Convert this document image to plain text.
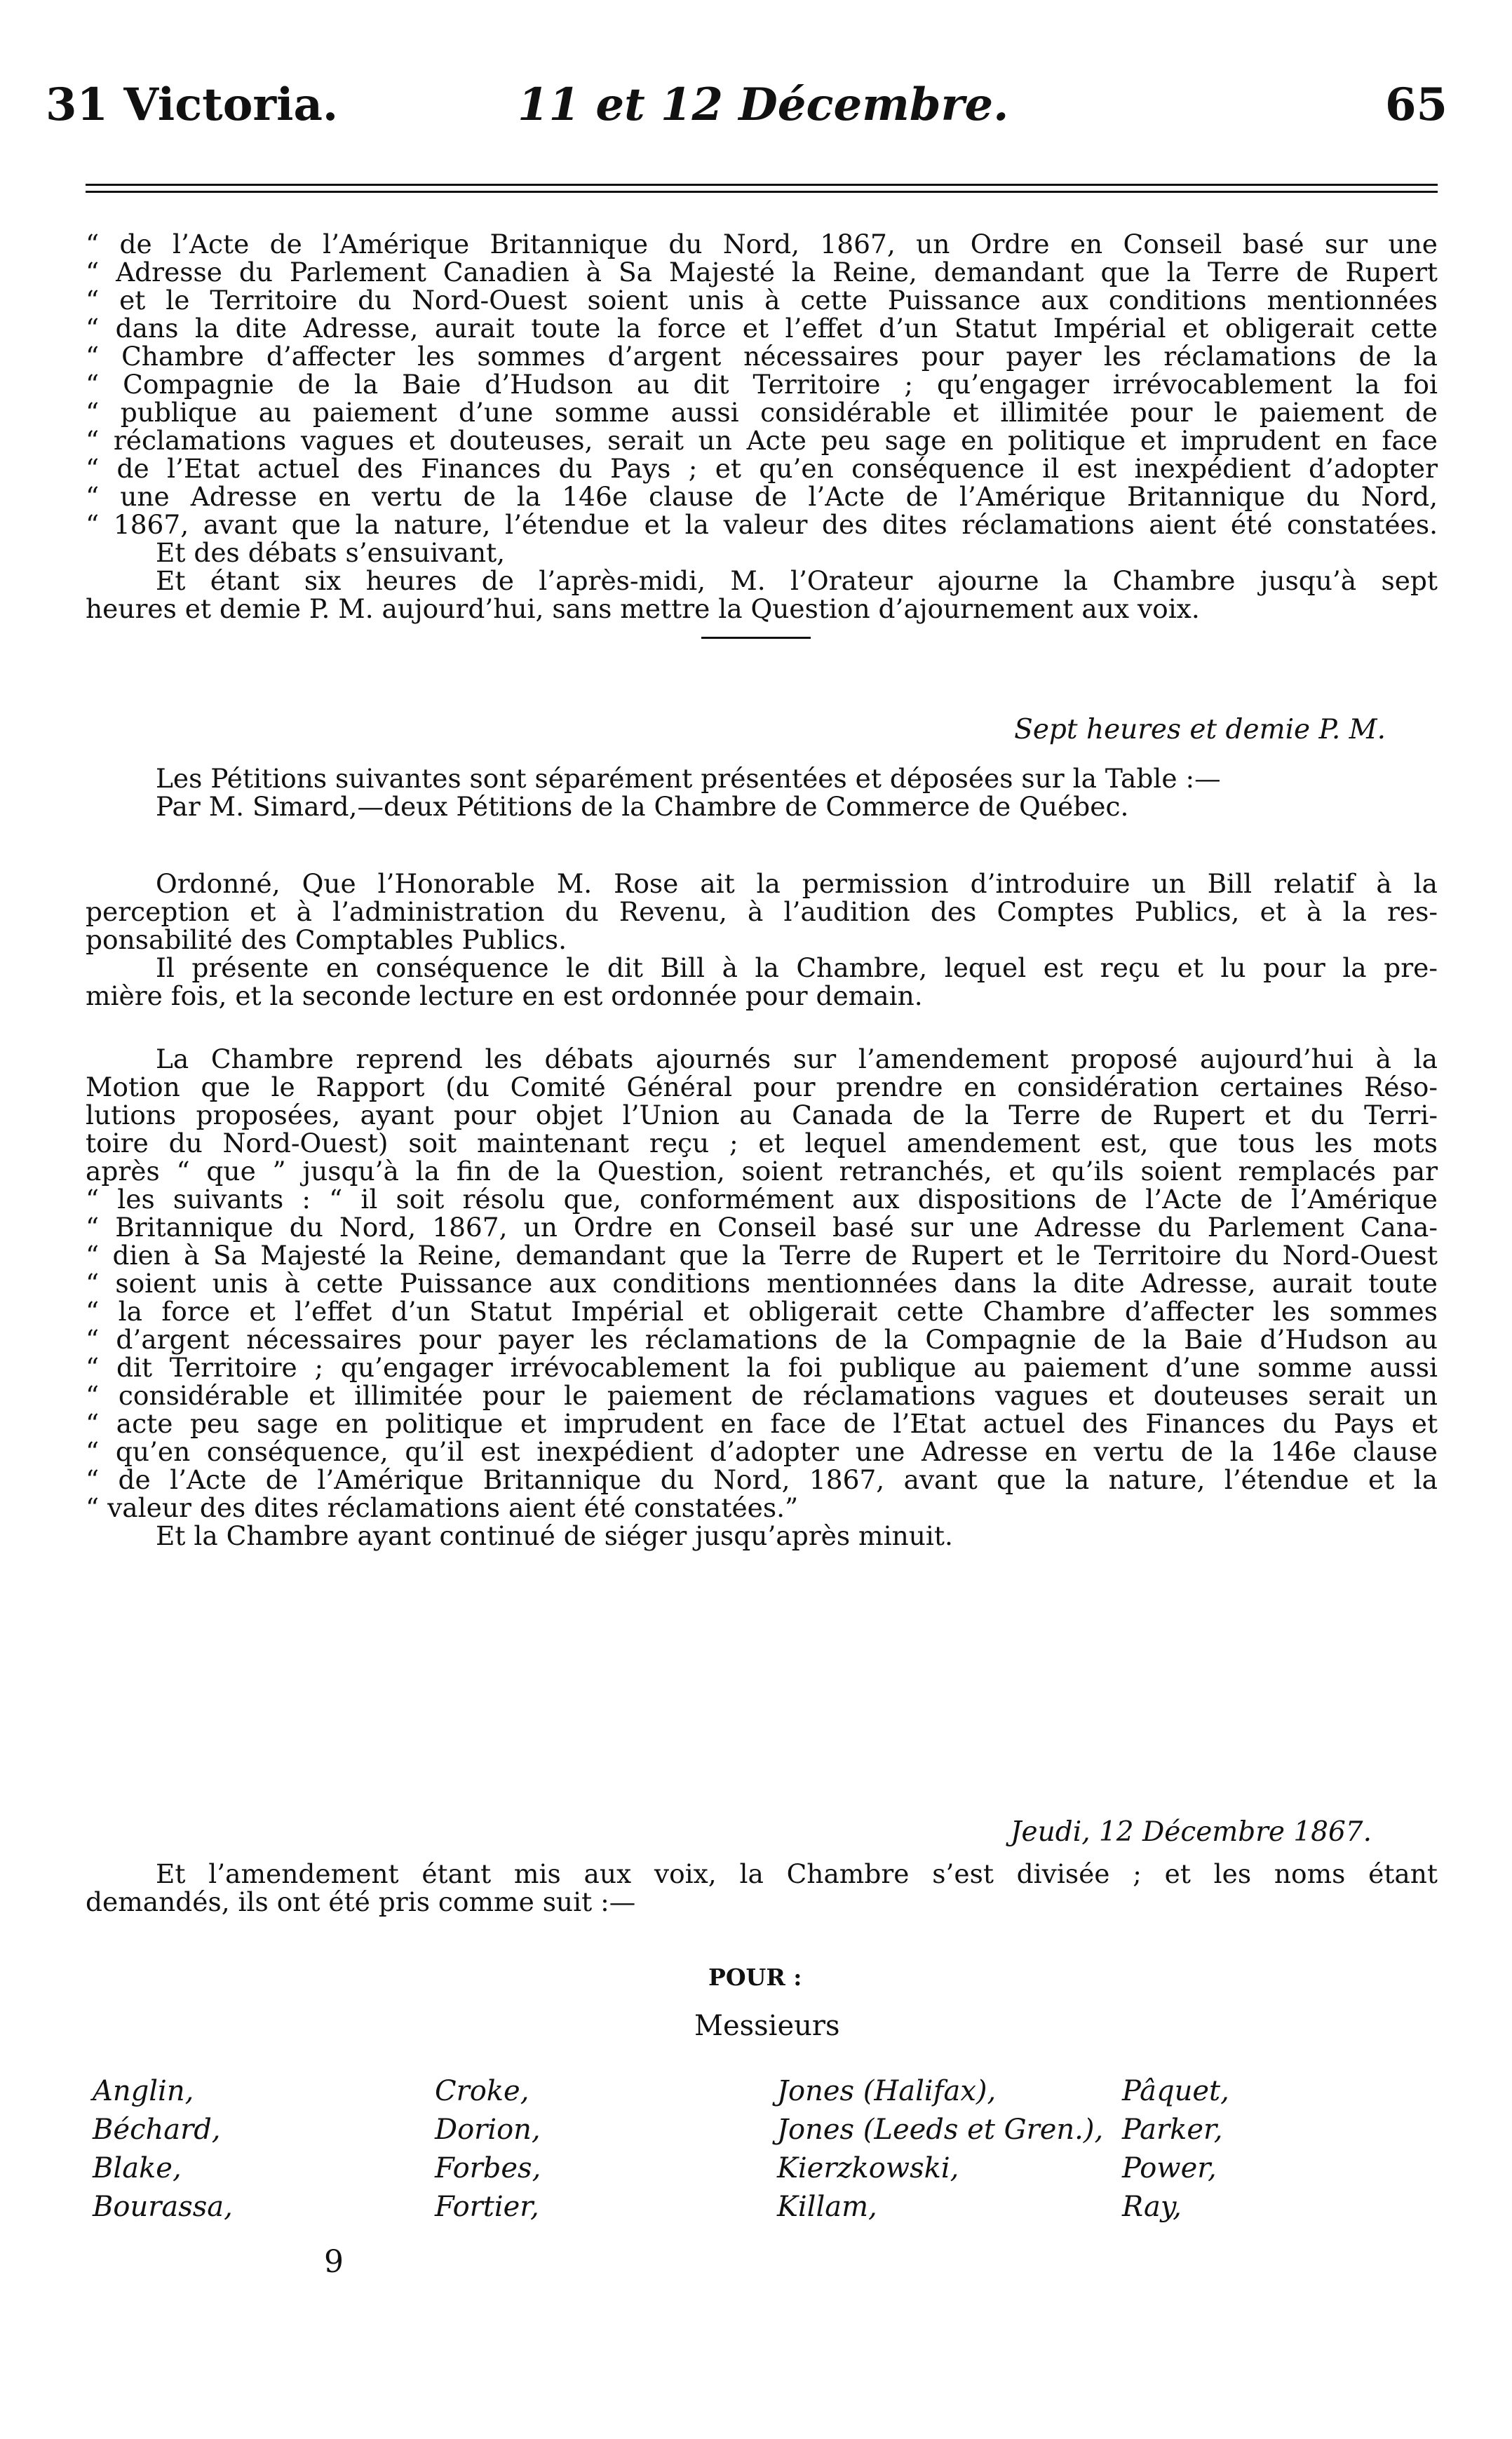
31 Victoria.	11 et 12 Décembre.	65
“ de l’Acte de l’Amérique Britannique du Nord, 1867, un Ordre en Conseil basé sur une
“ Adresse du Parlement Canadien à Sa Majesté la Reine, demandant que la Terre de Rupert
“ et le Territoire du Nord-Ouest soient unis à cette Puissance aux conditions mentionnées
“ dans la dite Adresse, aurait toute la force et l’effet d’un Statut Impérial et obligerait cette
“ Chambre d’affecter les sommes d’argent nécessaires pour payer les réclamations de la
“ Compagnie de la Baie d’Hudson au dit Territoire ; qu’engager irrévocablement la foi
“ publique au paiement d’une somme aussi considérable et illimitée pour le paiement de
“ réclamations vagues et douteuses, serait un Acte peu sage en politique et imprudent en face
“ de l’Etat actuel des Finances du Pays ; et qu’en conséquence il est inexpédient d’adopter
“ une Adresse en vertu de la 146e clause de l’Acte de l’Amérique Britannique du Nord,
“ 1867, avant que la nature, l’étendue et la valeur des dites réclamations aient été constatées.
Et des débats s’ensuivant,
Et étant six heures de l’après-midi, M. l’Orateur ajourne la Chambre jusqu’à sept
heures et demie P. M. aujourd’hui, sans mettre la Question d’ajournement aux voix.
Sept heures et demie P. M.
Les Pétitions suivantes sont séparément présentées et déposées sur la Table :—
Par M. Simard,—deux Pétitions de la Chambre de Commerce de Québec.
Ordonné, Que l’Honorable M. Rose ait la permission d’introduire un Bill relatif à la
perception et à l’administration du Revenu, à l’audition des Comptes Publics, et à la res-
ponsabilité des Comptables Publics.
Il présente en conséquence le dit Bill à la Chambre, lequel est reçu et lu pour la pre-
mière fois, et la seconde lecture en est ordonnée pour demain.
La Chambre reprend les débats ajournés sur l’amendement proposé aujourd’hui à la
Motion que le Rapport (du Comité Général pour prendre en considération certaines Réso-
lutions proposées, ayant pour objet l’Union au Canada de la Terre de Rupert et du Terri-
toire du Nord-Ouest) soit maintenant reçu ; et lequel amendement est, que tous les mots
après “ que ” jusqu’à la fin de la Question, soient retranchés, et qu’ils soient remplacés par
“ les suivants : “ il soit résolu que, conformément aux dispositions de l’Acte de l’Amérique
“ Britannique du Nord, 1867, un Ordre en Conseil basé sur une Adresse du Parlement Cana-
“ dien à Sa Majesté la Reine, demandant que la Terre de Rupert et le Territoire du Nord-Ouest
“ soient unis à cette Puissance aux conditions mentionnées dans la dite Adresse, aurait toute
“ la force et l’effet d’un Statut Impérial et obligerait cette Chambre d’affecter les sommes
“ d’argent nécessaires pour payer les réclamations de la Compagnie de la Baie d’Hudson au
“ dit Territoire ; qu’engager irrévocablement la foi publique au paiement d’une somme aussi
“ considérable et illimitée pour le paiement de réclamations vagues et douteuses serait un
“ acte peu sage en politique et imprudent en face de l’Etat actuel des Finances du Pays et
“ qu’en conséquence, qu’il est inexpédient d’adopter une Adresse en vertu de la 146e clause
“ de l’Acte de l’Amérique Britannique du Nord, 1867, avant que la nature, l’étendue et la
“ valeur des dites réclamations aient été constatées.”
Et la Chambre ayant continué de siéger jusqu’après minuit.
Jeudi, 12 Décembre 1867.
Et l’amendement étant mis aux voix, la Chambre s’est divisée ; et les noms étant
demandés, ils ont été pris comme suit :—
POUR :
Messieurs
Anglin,
Béchard,
Blake,
Bourassa,
Croke,
Dorion,
Forbes,
Fortier,
Jones (Halifax),
Jones (Leeds et Gren.),
Kierzkowski,
Killam,
Pâquet,
Parker,
Power,
Ray,
9
